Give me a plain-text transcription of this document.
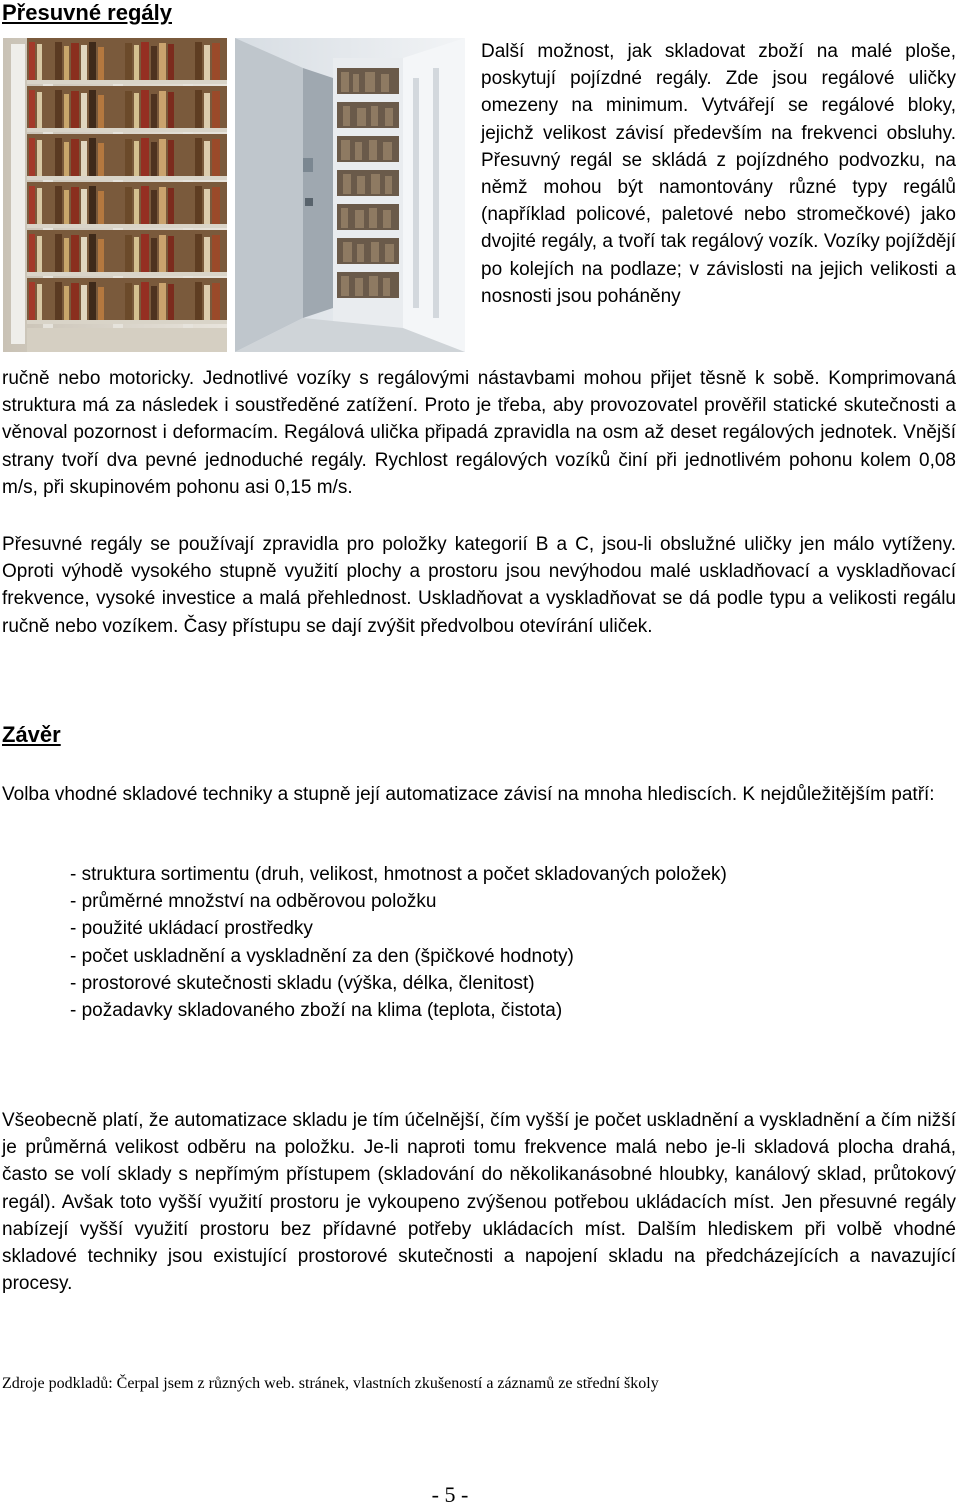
Přesuvné regály

Další možnost, jak skladovat zboží na malé ploše, poskytují pojízdné regály. Zde jsou regálové uličky omezeny na minimum. Vytvářejí se regálové bloky, jejichž velikost závisí především na frekvenci obsluhy. Přesuvný regál se skládá z pojízdného podvozku, na němž mohou být namontovány různé typy regálů (například policové, paletové nebo stromečkové) jako dvojité regály, a tvoří tak regálový vozík. Vozíky pojíždějí po kolejích na podlaze; v závislosti na jejich velikosti a nosnosti jsou poháněny

ručně nebo motoricky. Jednotlivé vozíky s regálovými nástavbami mohou přijet těsně k sobě. Komprimovaná struktura má za následek i soustředěné zatížení. Proto je třeba, aby provozovatel prověřil statické skutečnosti a věnoval pozornost i deformacím. Regálová ulička připadá zpravidla na osm až deset regálových jednotek. Vnější strany tvoří dva pevné jednoduché regály. Rychlost regálových vozíků činí při jednotlivém pohonu kolem 0,08 m/s, při skupinovém pohonu asi 0,15 m/s.

Přesuvné regály se používají zpravidla pro položky kategorií B a C, jsou-li obslužné uličky jen málo vytíženy. Oproti výhodě vysokého stupně využití plochy a prostoru jsou nevýhodou malé uskladňovací a vyskladňovací frekvence, vysoké investice a malá přehlednost. Uskladňovat a vyskladňovat se dá podle typu a velikosti regálu ručně nebo vozíkem. Časy přístupu se dají zvýšit předvolbou otevírání uliček.

Závěr

Volba vhodné skladové techniky a stupně její automatizace závisí na mnoha hlediscích. K nejdůležitějším patří:

- struktura sortimentu (druh, velikost, hmotnost a počet skladovaných položek)
- průměrné množství na odběrovou položku
- použité ukládací prostředky
- počet uskladnění a vyskladnění za den (špičkové hodnoty)
- prostorové skutečnosti skladu (výška, délka, členitost)
- požadavky skladovaného zboží na klima (teplota, čistota)

Všeobecně platí, že automatizace skladu je tím účelnější, čím vyšší je počet uskladnění a vyskladnění a čím nižší je průměrná velikost odběru na položku. Je-li naproti tomu frekvence malá nebo je-li skladová plocha drahá, často se volí sklady s nepřímým přístupem (skladování do několikanásobné hloubky, kanálový sklad, průtokový regál). Avšak toto vyšší využití prostoru je vykoupeno zvýšenou potřebou ukládacích míst. Jen přesuvné regály nabízejí vyšší využití prostoru bez přídavné potřeby ukládacích míst. Dalším hlediskem při volbě vhodné skladové techniky jsou existující prostorové skutečnosti a napojení skladu na předcházejících a navazující procesy.

Zdroje podkladů: Čerpal jsem z různých web. stránek, vlastních zkušeností a záznamů ze střední školy

- 5 -
